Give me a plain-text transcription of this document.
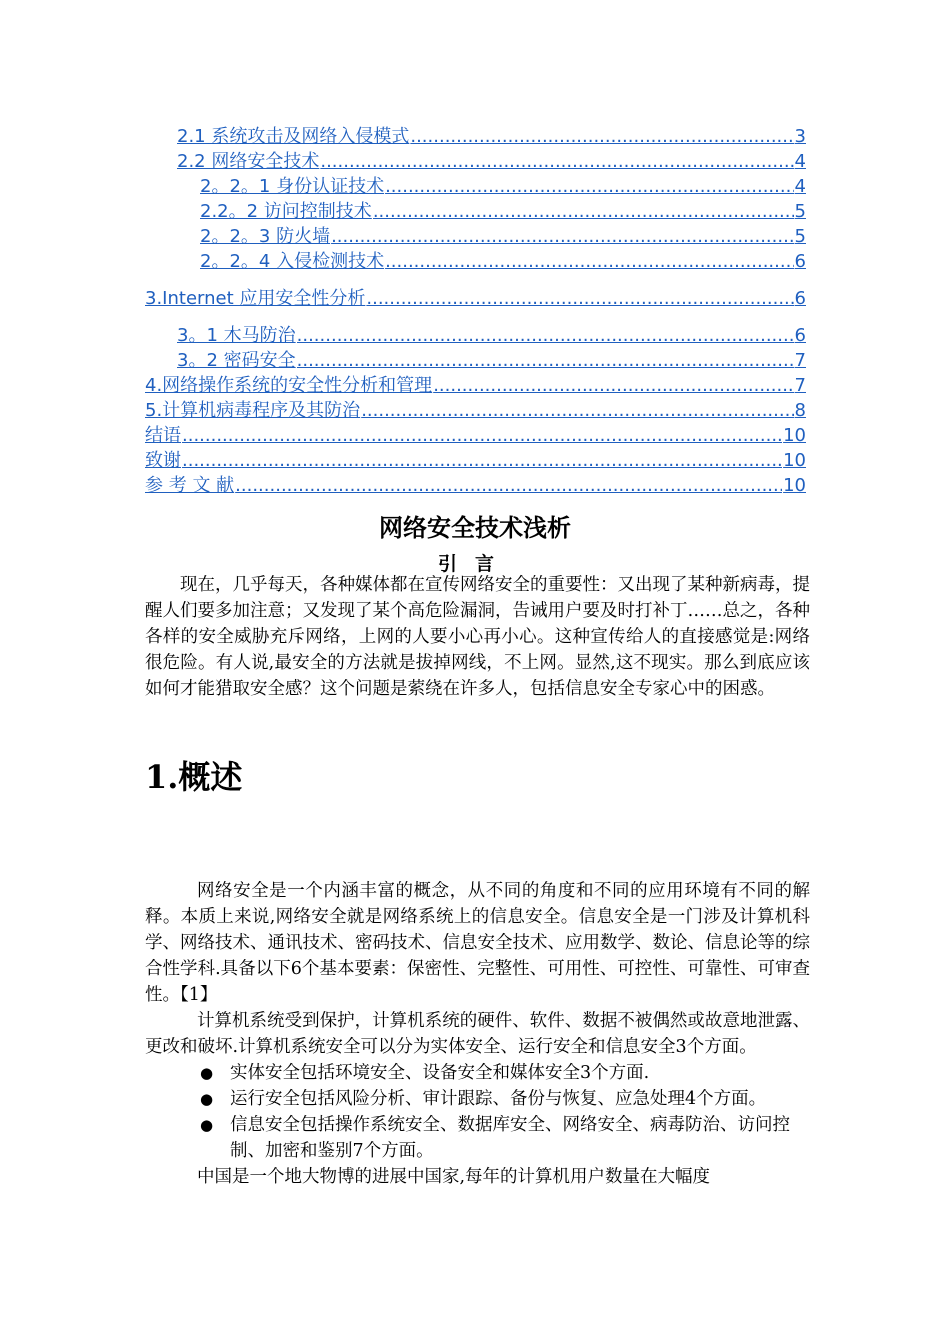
2.1 系统攻击及网络入侵模式 .....	3
2.2 网络安全技术 .....	4
2。2。1 身份认证技术 .....	4
2.2。2 访问控制技术 .....	5
2。2。3 防火墙 .....	5
2。2。4 入侵检测技术 .....	6
3.Internet 应用安全性分析 .....	6
3。1 木马防治 .....	6
3。2 密码安全 .....	7
4.网络操作系统的安全性分析和管理 .....	7
5.计算机病毒程序及其防治 .....	8
结语 .....	10
致谢 .....	10
参 考 文 献 .....	10
网络安全技术浅析
引言

现在，几乎每天，各种媒体都在宣传网络安全的重要性：又出现了某种新病毒，提醒人们要多加注意；又发现了某个高危险漏洞，告诫用户要及时打补丁……总之，各种各样的安全威胁充斥网络，上网的人要小心再小心。这种宣传给人的直接感觉是:网络很危险。有人说,最安全的方法就是拔掉网线，不上网。显然,这不现实。那么到底应该如何才能猎取安全感？这个问题是萦绕在许多人，包括信息安全专家心中的困惑。

1.概述

网络安全是一个内涵丰富的概念，从不同的角度和不同的应用环境有不同的解释。本质上来说,网络安全就是网络系统上的信息安全。信息安全是一门涉及计算机科学、网络技术、通讯技术、密码技术、信息安全技术、应用数学、数论、信息论等的综合性学科.具备以下6个基本要素：保密性、完整性、可用性、可控性、可靠性、可审查性。【1】

计算机系统受到保护，计算机系统的硬件、软件、数据不被偶然或故意地泄露、更改和破坏.计算机系统安全可以分为实体安全、运行安全和信息安全3个方面。

● 实体安全包括环境安全、设备安全和媒体安全3个方面.
● 运行安全包括风险分析、审计跟踪、备份与恢复、应急处理4个方面。
● 信息安全包括操作系统安全、数据库安全、网络安全、病毒防治、访问控制、加密和鉴别7个方面。

中国是一个地大物博的进展中国家,每年的计算机用户数量在大幅度
